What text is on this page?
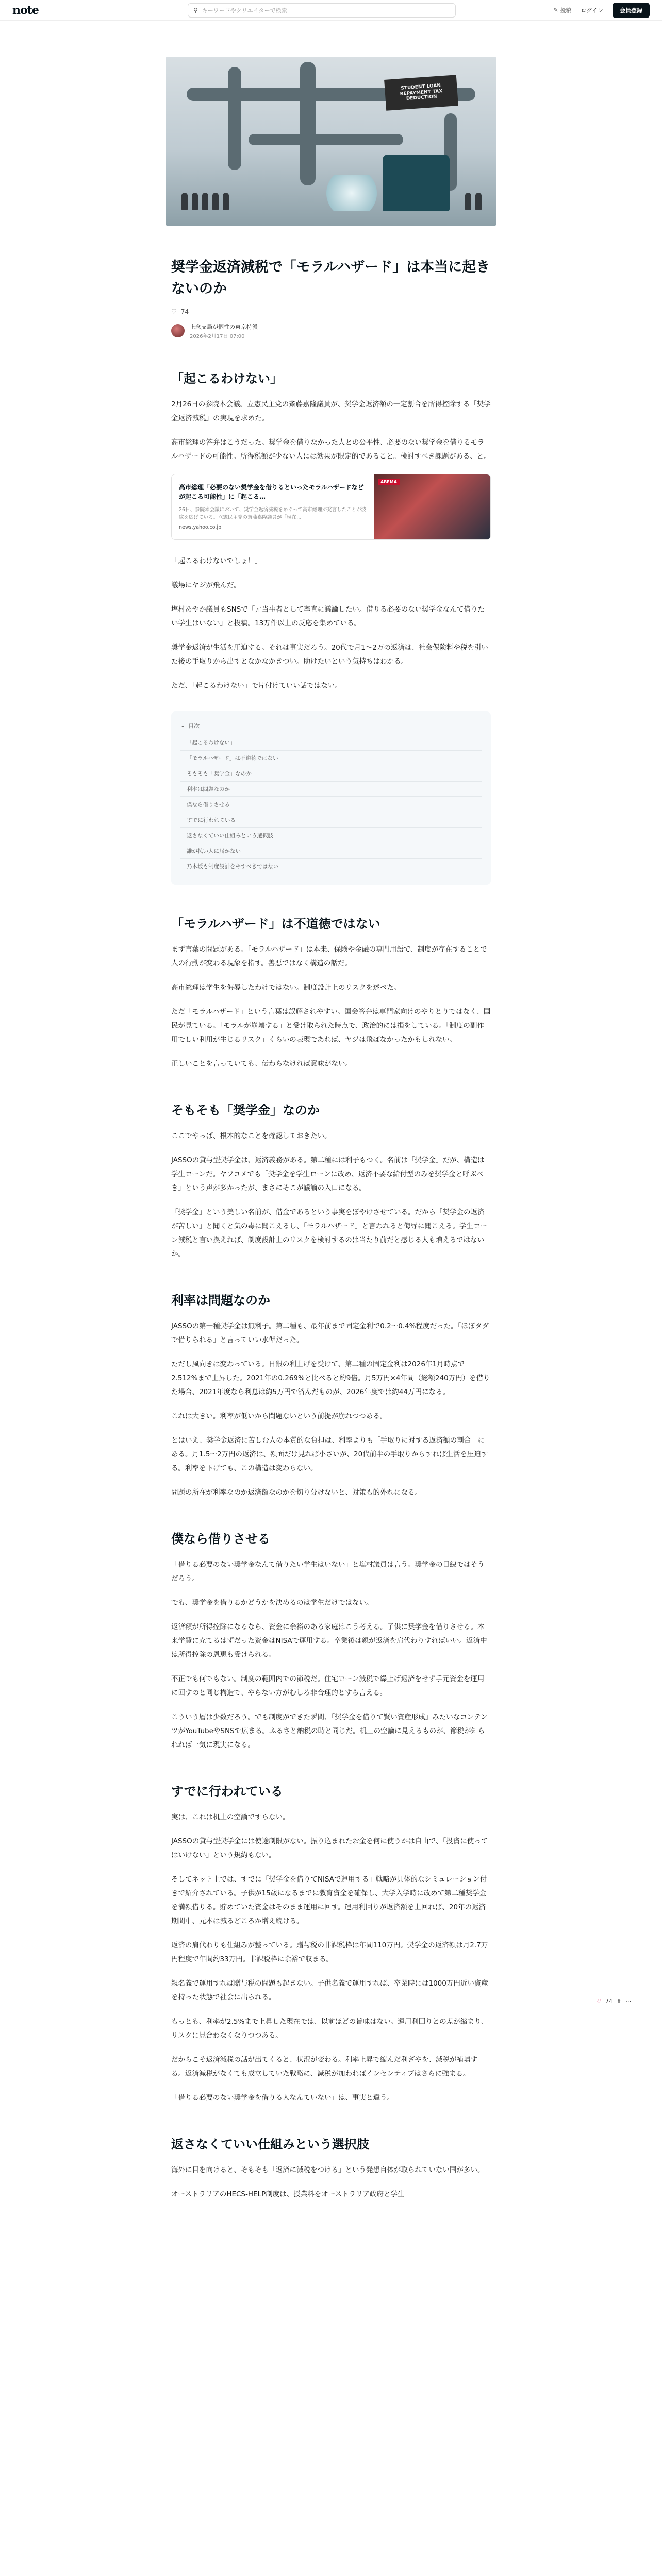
note	⚲ キーワードやクリエイターで検索	✎ 投稿 ログイン	会員登録
STUDENT LOAN REPAYMENT TAX DEDUCTION
奨学金返済減税で「モラルハザード」は本当に起きないのか
♡ 74
上念支局が個性の東京特派
2026年2月17日 07:00
「起こるわけない」

2月26日の参院本会議。立憲民主党の斎藤嘉隆議員が、奨学金返済額の一定割合を所得控除する「奨学金返済減税」の実現を求めた。

高市総理の答弁はこうだった。奨学金を借りなかった人との公平性、必要のない奨学金を借りるモラルハザードの可能性。所得税額が少ない人には効果が限定的であること。検討すべき課題がある、と。

高市総理「必要のない奨学金を借りるといったモラルハザードなどが起こる可能性」に「起こる…
26日、参院本会議において、奨学金返済減税をめぐって高市総理が発言したことが波紋を広げている。立憲民主党の斎藤嘉隆議員が「現在…
news.yahoo.co.jp
ABEMA

「起こるわけないでしょ！」

議場にヤジが飛んだ。

塩村あやか議員もSNSで「元当事者として率直に議論したい。借りる必要のない奨学金なんて借りたい学生はいない」と投稿。13万件以上の反応を集めている。

奨学金返済が生活を圧迫する。それは事実だろう。20代で月1〜2万の返済は、社会保険料や税を引いた後の手取りから出すとなかなかきつい。助けたいという気持ちはわかる。

ただ、「起こるわけない」で片付けていい話ではない。

⌄ 目次
「起こるわけない」
「モラルハザード」は不道徳ではない
そもそも「奨学金」なのか
利率は問題なのか
僕なら借りさせる
すでに行われている
返さなくていい仕組みという選択肢
誰が払い人に届かない
乃木坂も制度設計をやすべきではない
「モラルハザード」は不道徳ではない

まず言葉の問題がある。「モラルハザード」は本来、保険や金融の専門用語で、制度が存在することで人の行動が変わる現象を指す。善悪ではなく構造の話だ。

高市総理は学生を侮辱したわけではない。制度設計上のリスクを述べた。

ただ「モラルハザード」という言葉は誤解されやすい。国会答弁は専門家向けのやりとりではなく、国民が見ている。「モラルが崩壊する」と受け取られた時点で、政治的には損をしている。「制度の副作用でしい利用が生じるリスク」くらいの表現であれば、ヤジは飛ばなかったかもしれない。

正しいことを言っていても、伝わらなければ意味がない。

そもそも「奨学金」なのか

ここでやっぱ、根本的なことを確認しておきたい。

JASSOの貸与型奨学金は、返済義務がある。第二種には利子もつく。名前は「奨学金」だが、構造は学生ローンだ。ヤフコメでも「奨学金を学生ローンに改め、返済不要な給付型のみを奨学金と呼ぶべき」という声が多かったが、まさにそこが議論の入口になる。

「奨学金」という美しい名前が、借金であるという事実をぼやけさせている。だから「奨学金の返済が苦しい」と聞くと気の毒に聞こえるし、「モラルハザード」と言われると侮辱に聞こえる。学生ローン減税と言い換えれば、制度設計上のリスクを検討するのは当たり前だと感じる人も増えるではないか。

利率は問題なのか

JASSOの第一種奨学金は無利子。第二種も、最年前まで固定金利で0.2〜0.4%程度だった。「ほぼタダで借りられる」と言っていい水準だった。

ただし風向きは変わっている。日銀の利上げを受けて、第二種の固定金利は2026年1月時点で2.512%まで上昇した。2021年の0.269%と比べると約9倍。月5万円×4年間（総額240万円）を借りた場合、2021年度なら利息は約5万円で済んだものが、2026年度では約44万円になる。

これは大きい。利率が低いから問題ないという前提が崩れつつある。

とはいえ、奨学金返済に苦しむ人の本質的な負担は、利率よりも「手取りに対する返済額の割合」にある。月1.5〜2万円の返済は、額面だけ見れば小さいが、20代前半の手取りからすれば生活を圧迫する。利率を下げても、この構造は変わらない。

問題の所在が利率なのか返済額なのかを切り分けないと、対策も的外れになる。

僕なら借りさせる

「借りる必要のない奨学金なんて借りたい学生はいない」と塩村議員は言う。奨学金の目線ではそうだろう。

でも、奨学金を借りるかどうかを決めるのは学生だけではない。

返済額が所得控除になるなら、資金に余裕のある家庭はこう考える。子供に奨学金を借りさせる。本来学費に充てるはずだった資金はNISAで運用する。卒業後は親が返済を肩代わりすればいい。返済中は所得控除の恩恵も受けられる。

不正でも何でもない。制度の範囲内での節税だ。住宅ローン減税で繰上げ返済をせず手元資金を運用に回すのと同じ構造で、やらない方がむしろ非合理的とすら言える。

こういう層は少数だろう。でも制度ができた瞬間、「奨学金を借りて賢い資産形成」みたいなコンテンツがYouTubeやSNSで広まる。ふるさと納税の時と同じだ。机上の空論に見えるものが、節税が知られれば一気に現実になる。

すでに行われている

実は、これは机上の空論ですらない。

JASSOの貸与型奨学金には使途制限がない。振り込まれたお金を何に使うかは自由で、「投資に使ってはいけない」という規約もない。

そしてネット上では、すでに「奨学金を借りてNISAで運用する」戦略が具体的なシミュレーション付きで紹介されている。子供が15歳になるまでに教育資金を確保し、大学入学時に改めて第二種奨学金を満額借りる。貯めていた資金はそのまま運用に回す。運用利回りが返済額を上回れば、20年の返済期間中、元本は減るどころか増え続ける。

返済の肩代わりも仕組みが整っている。贈与税の非課税枠は年間110万円。奨学金の返済額は月2.7万円程度で年間約33万円。非課税枠に余裕で収まる。

親名義で運用すれば贈与税の問題も起きない。子供名義で運用すれば、卒業時には1000万円近い資産を持った状態で社会に出られる。

もっとも、利率が2.5%まで上昇した現在では、以前ほどの旨味はない。運用利回りとの差が縮まり、リスクに見合わなくなりつつある。

だからこそ返済減税の話が出てくると、状況が変わる。利率上昇で縮んだ利ざやを、減税が補填する。返済減税がなくても成立していた戦略に、減税が加わればインセンティブはさらに強まる。

「借りる必要のない奨学金を借りる人なんていない」は、事実と違う。

返さなくていい仕組みという選択肢

海外に目を向けると、そもそも「返済に減税をつける」という発想自体が取られていない国が多い。

オーストラリアのHECS-HELP制度は、授業料をオーストラリア政府と学生

♡ 74 ⇧ ⋯
